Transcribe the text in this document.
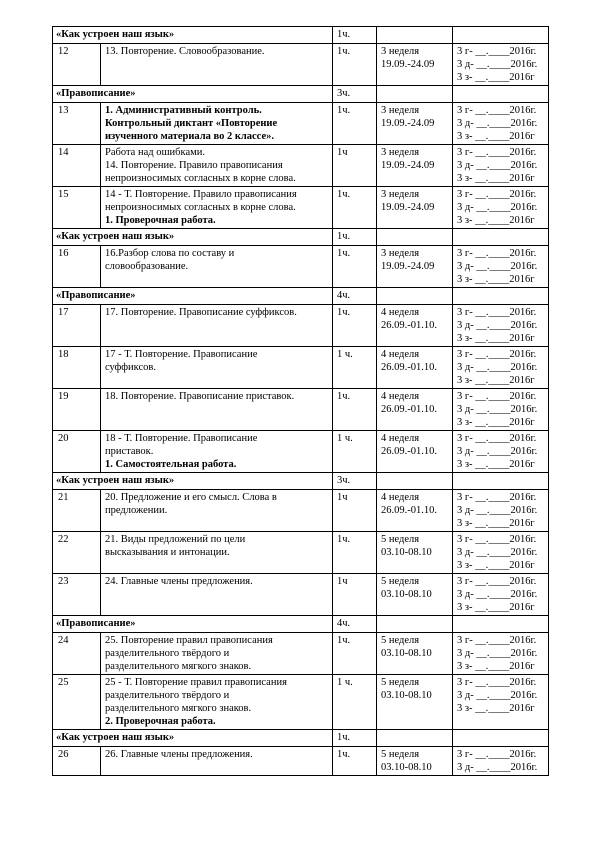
«Как устроен наш язык»		1ч.		
12	13. Повторение. Словообразование.	1ч.	3 неделя
19.09.-24.09	3 г- __.____2016г.
3 д- __.____2016г.
3 з- __.____2016г

«Правописание»		3ч.		
13	1. Административный контроль.
Контрольный диктант «Повторение
изученного материала во 2 классе».	1ч.	3 неделя
19.09.-24.09	3 г- __.____2016г.
3 д- __.____2016г.
3 з- __.____2016г

14	Работа над ошибками.
14. Повторение. Правило правописания
непроизносимых согласных в корне слова.	1ч	3 неделя
19.09.-24.09	3 г- __.____2016г.
3 д- __.____2016г.
3 з- __.____2016г

15	14 - Т. Повторение. Правило правописания
непроизносимых согласных в корне слова.
1. Проверочная работа.	1ч.	3 неделя
19.09.-24.09	3 г- __.____2016г.
3 д- __.____2016г.
3 з- __.____2016г

«Как устроен наш язык»		1ч.		
16	16.Разбор слова по составу и
словообразование.	1ч.	3 неделя
19.09.-24.09	3 г- __.____2016г.
3 д- __.____2016г.
3 з- __.____2016г

«Правописание»		4ч.		
17	17. Повторение. Правописание суффиксов.	1ч.	4 неделя
26.09.-01.10.	3 г- __.____2016г.
3 д- __.____2016г.
3 з- __.____2016г

18	17 - Т. Повторение. Правописание
суффиксов.	1 ч.	4 неделя
26.09.-01.10.	3 г- __.____2016г.
3 д- __.____2016г.
3 з- __.____2016г

19	18. Повторение. Правописание приставок.	1ч.	4 неделя
26.09.-01.10.	3 г- __.____2016г.
3 д- __.____2016г.
3 з- __.____2016г

20	18 - Т. Повторение. Правописание
приставок.
1. Самостоятельная работа.	1 ч.	4 неделя
26.09.-01.10.	3 г- __.____2016г.
3 д- __.____2016г.
3 з- __.____2016г

«Как устроен наш язык»		3ч.		
21	20. Предложение и его смысл. Слова в
предложении.	1ч	4 неделя
26.09.-01.10.	3 г- __.____2016г.
3 д- __.____2016г.
3 з- __.____2016г

22	21. Виды предложений по цели
высказывания и интонации.	1ч.	5 неделя
03.10-08.10	3 г- __.____2016г.
3 д- __.____2016г.
3 з- __.____2016г

23	24. Главные члены предложения.	1ч	5 неделя
03.10-08.10	3 г- __.____2016г.
3 д- __.____2016г.
3 з- __.____2016г

«Правописание»		4ч.		
24	25. Повторение правил правописания
разделительного твёрдого и
разделительного мягкого знаков.	1ч.	5 неделя
03.10-08.10	3 г- __.____2016г.
3 д- __.____2016г.
3 з- __.____2016г

25	25 - Т. Повторение правил правописания
разделительного твёрдого и
разделительного мягкого знаков.
2. Проверочная работа.	1 ч.	5 неделя
03.10-08.10	3 г- __.____2016г.
3 д- __.____2016г.
3 з- __.____2016г

«Как устроен наш язык»		1ч.		
26	26. Главные члены предложения.	1ч.	5 неделя
03.10-08.10	3 г- __.____2016г.
3 д- __.____2016г.
